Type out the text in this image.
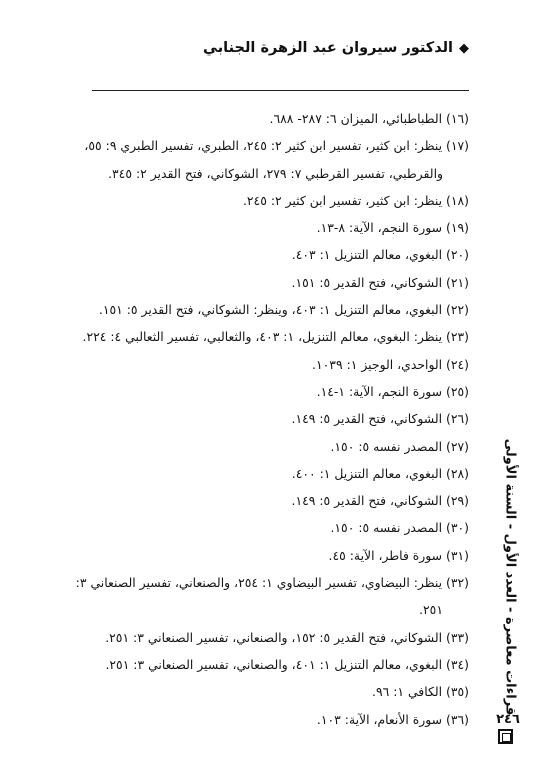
◆الدكتور سيروان عبد الزهرة الجنابي
(١٦) الطباطبائي، الميزان ٦: ٢٨٧- ٦٨٨.
(١٧) ينظر: ابن كثير، تفسير ابن كثير ٢: ٢٤٥، الطبري، تفسير الطبري ٩: ٥٥،
والقرطبي، تفسير القرطبي ٧: ٢٧٩، الشوكاني، فتح القدير ٢: ٣٤٥.
(١٨) ينظر: ابن كثير، تفسير ابن كثير ٢: ٢٤٥.
(١٩) سورة النجم، الآية: ٨-١٣.
(٢٠) البغوي، معالم التنزيل ١: ٤٠٣.
(٢١) الشوكاني، فتح القدير ٥: ١٥١.
(٢٢) البغوي، معالم التنزيل ١: ٤٠٣، وينظر: الشوكاني، فتح القدير ٥: ١٥١.
(٢٣) ينظر: البغوي، معالم التنزيل، ١: ٤٠٣، والثعالبي، تفسير الثعالبي ٤: ٢٢٤.
(٢٤) الواحدي، الوجيز ١: ١٠٣٩.
(٢٥) سورة النجم، الآية: ١-١٤.
(٢٦) الشوكاني، فتح القدير ٥: ١٤٩.
(٢٧) المصدر نفسه ٥: ١٥٠.
(٢٨) البغوي، معالم التنزيل ١: ٤٠٠.
(٢٩) الشوكاني، فتح القدير ٥: ١٤٩.
(٣٠) المصدر نفسه ٥: ١٥٠.
(٣١) سورة فاطر، الآية: ٤٥.
(٣٢) ينظر: البيضاوي، تفسير البيضاوي ١: ٢٥٤، والصنعاني، تفسير الصنعاني ٣:
٢٥١.
(٣٣) الشوكاني، فتح القدير ٥: ١٥٢، والصنعاني، تفسير الصنعاني ٣: ٢٥١.
(٣٤) البغوي، معالم التنزيل ١: ٤٠١، والصنعاني، تفسير الصنعاني ٣: ٢٥١.
(٣٥) الكافي ١: ٩٦.
(٣٦) سورة الأنعام، الآية: ١٠٣.
قراءات معاصرة - العدد الأول - السنة الأولى
٢٤٦
